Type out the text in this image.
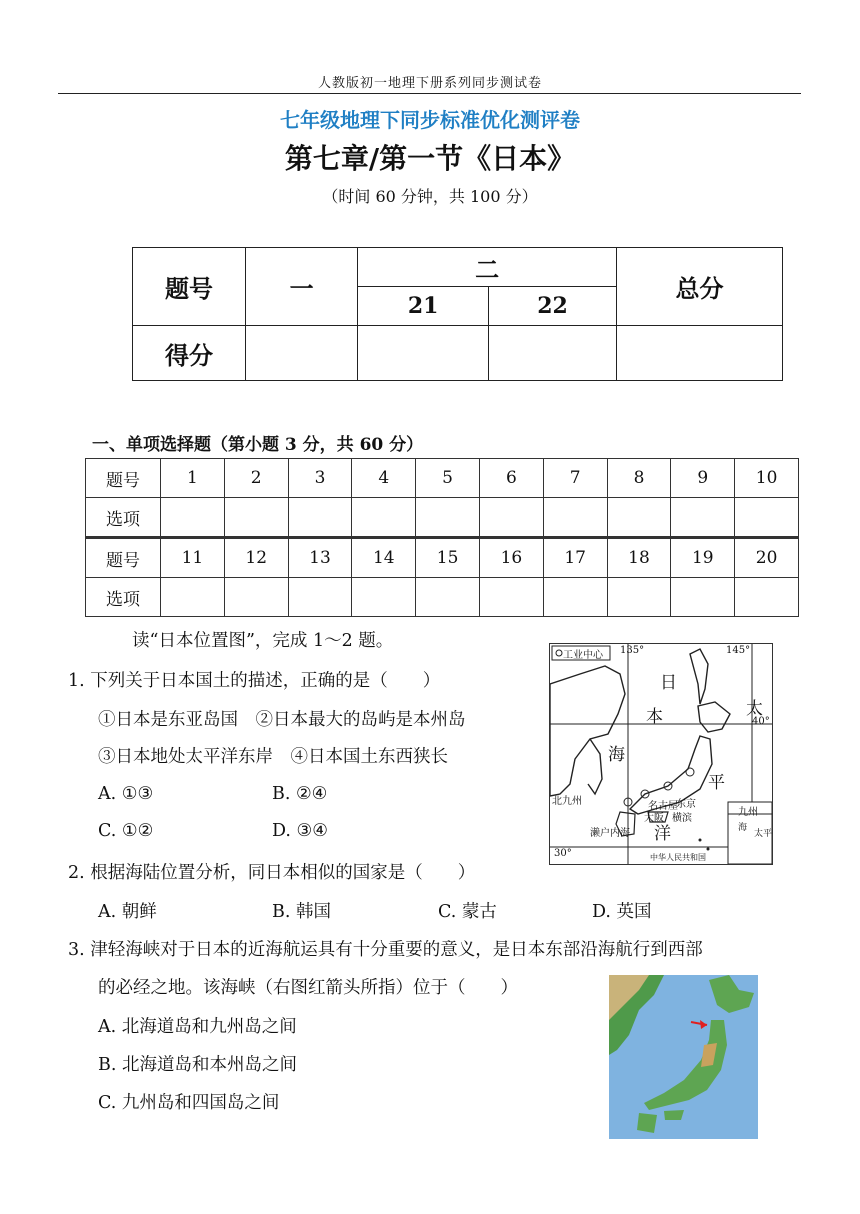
人教版初一地理下册系列同步测试卷
七年级地理下同步标准优化测评卷
第七章/第一节《日本》
（时间 60 分钟，共 100 分）
题号	一	二		总分
		21	22	
得分				
一、单项选择题（第小题 3 分，共 60 分）
题号	1	2	3	4	5	6	7	8	9	10
选项										
题号	11	12	13	14	15	16	17	18	19	20
选项										
读“日本位置图”，完成 1～2 题。
1. 下列关于日本国土的描述，正确的是（　　）
①日本是东亚岛国　②日本最大的岛屿是本州岛
③日本地处太平洋东岸　④日本国土东西狭长
A. ①③	B. ②④
C. ①②	D. ③④
2. 根据海陆位置分析，同日本相似的国家是（　　）
A. 朝鲜	B. 韩国	C. 蒙古	D. 英国
3. 津轻海峡对于日本的近海航运具有十分重要的意义，是日本东部沿海航行到西部
的必经之地。该海峡（右图红箭头所指）位于（　　）
A. 北海道岛和九州岛之间
B. 北海道岛和本州岛之间
C. 九州岛和四国岛之间
工业中心 135°	145°
40°
30°
日
本
海
太
平
洋
名古屋
东京
大阪 横滨
北九州
濑户内海
九州
海
太平
中华人民共和国
